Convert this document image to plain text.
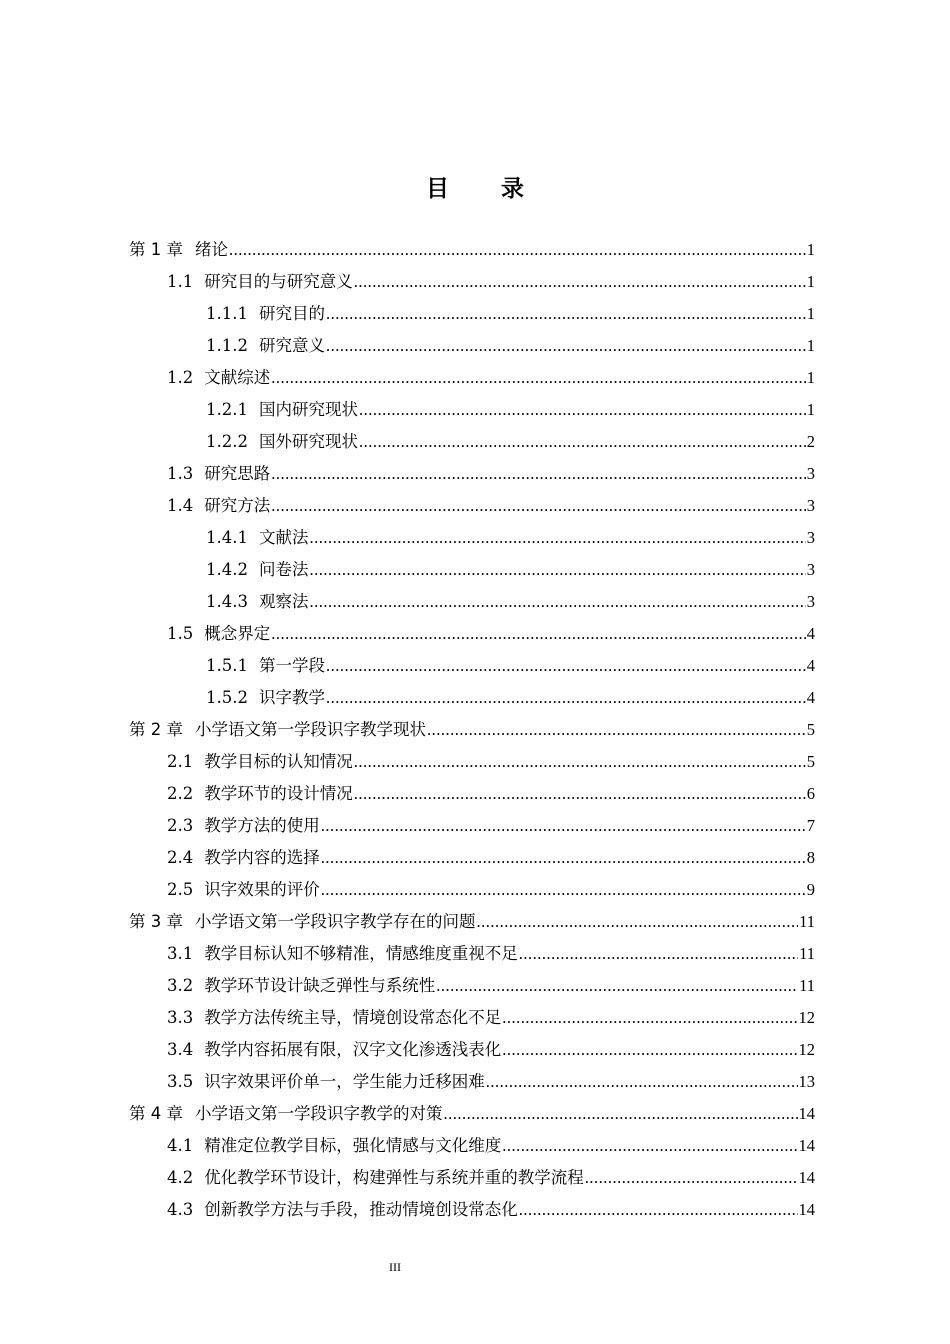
目 录
第 1 章 绪论 .....	1
1.1 研究目的与研究意义 .....	1
1.1.1 研究目的 .....	1
1.1.2 研究意义 .....	1
1.2 文献综述 .....	1
1.2.1 国内研究现状 .....	1
1.2.2 国外研究现状 .....	2
1.3 研究思路 .....	3
1.4 研究方法 .....	3
1.4.1 文献法 .....	3
1.4.2 问卷法 .....	3
1.4.3 观察法 .....	3
1.5 概念界定 .....	4
1.5.1 第一学段 .....	4
1.5.2 识字教学 .....	4
第 2 章 小学语文第一学段识字教学现状 .....	5
2.1 教学目标的认知情况 .....	5
2.2 教学环节的设计情况 .....	6
2.3 教学方法的使用 .....	7
2.4 教学内容的选择 .....	8
2.5 识字效果的评价 .....	9
第 3 章 小学语文第一学段识字教学存在的问题 .....	11
3.1 教学目标认知不够精准，情感维度重视不足 .....	11
3.2 教学环节设计缺乏弹性与系统性 .....	11
3.3 教学方法传统主导，情境创设常态化不足 .....	12
3.4 教学内容拓展有限，汉字文化渗透浅表化 .....	12
3.5 识字效果评价单一，学生能力迁移困难 .....	13
第 4 章 小学语文第一学段识字教学的对策 .....	14
4.1 精准定位教学目标，强化情感与文化维度 .....	14
4.2 优化教学环节设计，构建弹性与系统并重的教学流程 .....	14
4.3 创新教学方法与手段，推动情境创设常态化 .....	14
III
